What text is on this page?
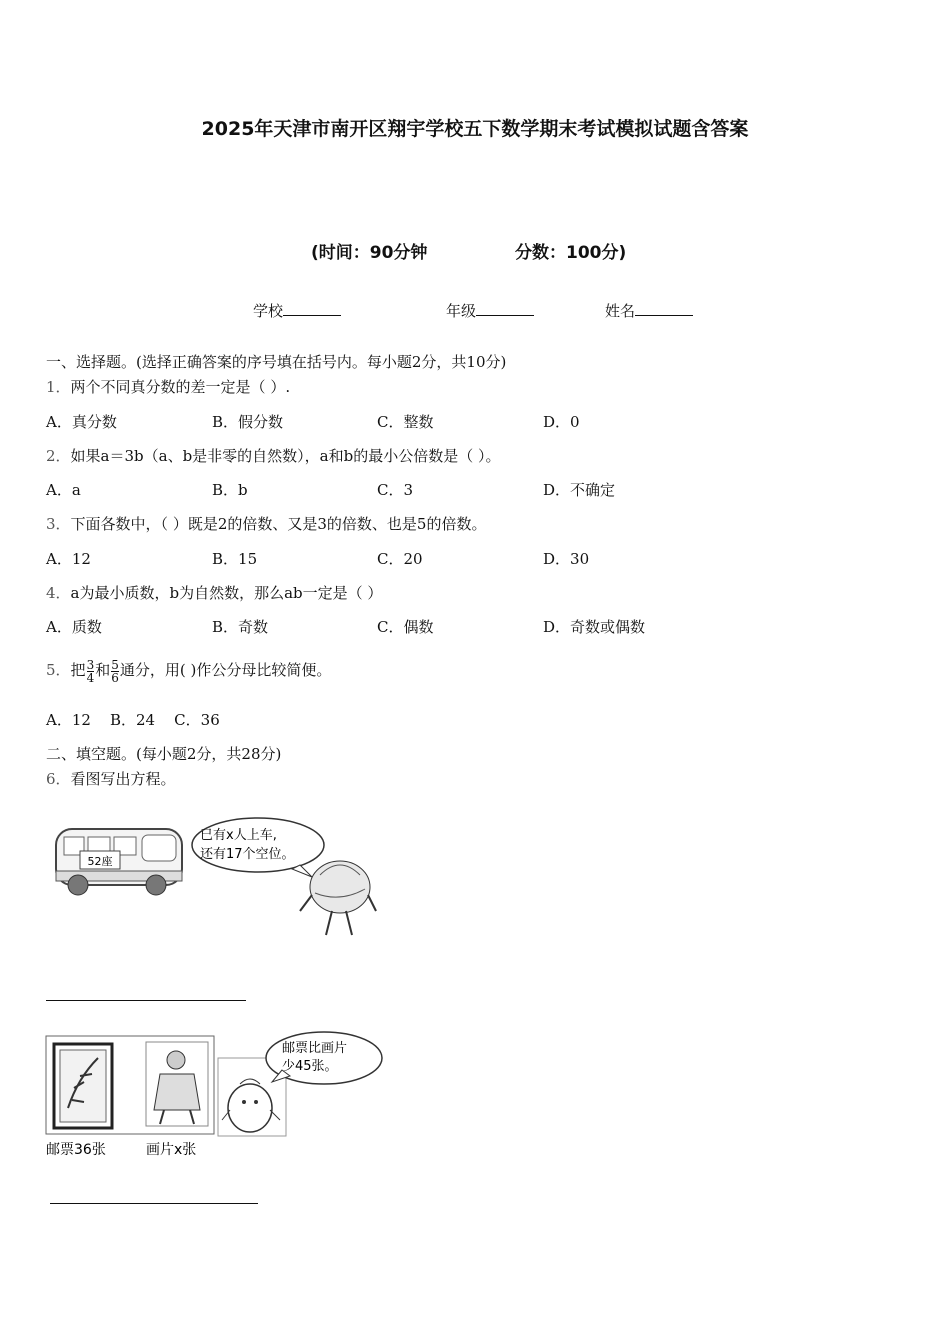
2025年天津市南开区翔宇学校五下数学期末考试模拟试题含答案
(时间：90分钟	分数：100分)
学校	年级	姓名
一、选择题。(选择正确答案的序号填在括号内。每小题2分，共10分)
1．两个不同真分数的差一定是（ ）.
A．真分数	B．假分数	C．整数	D．0
2．如果a＝3b（a、b是非零的自然数），a和b的最小公倍数是（ ）。
A．a	B．b	C．3	D．不确定
3．下面各数中，（ ）既是2的倍数、又是3的倍数、也是5的倍数。
A．12	B．15	C．20	D．30
4．a为最小质数，b为自然数，那么ab一定是（ ）
A．质数	B．奇数	C．偶数	D．奇数或偶数
5．把 $\frac{3}{4}$ 和 $\frac{5}{6}$ 通分，用( )作公分母比较简便。
A．12    B．24    C．36
二、填空题。(每小题2分，共28分)
6．看图写出方程。
52座
已有x人上车,
还有17个空位。
邮票比画片
少45张。
邮票36张	画片x张
